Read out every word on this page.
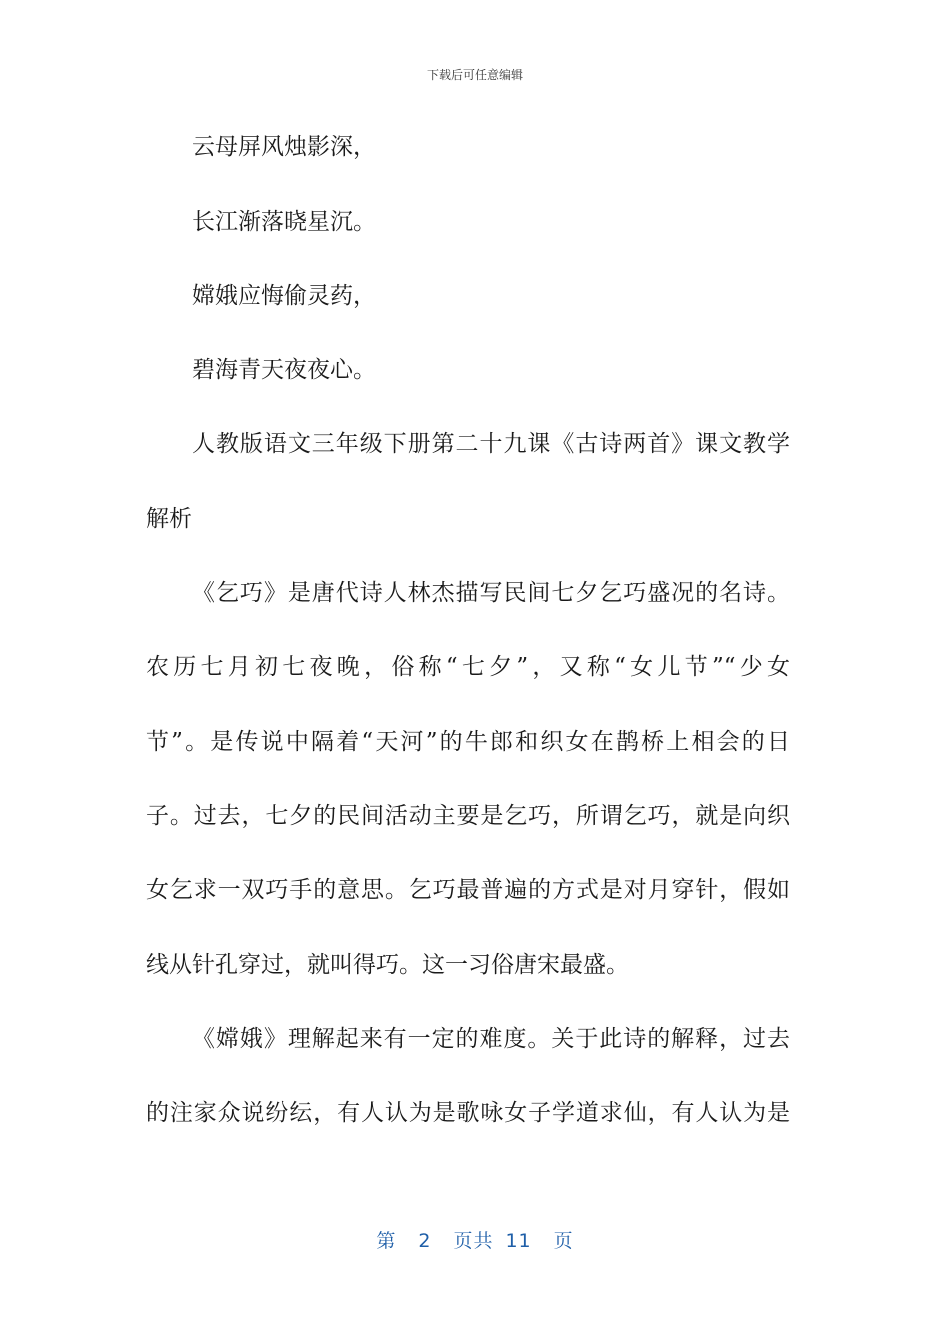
下载后可任意编辑
云母屏风烛影深，
长江渐落晓星沉。
嫦娥应悔偷灵药，
碧海青天夜夜心。
人教版语文三年级下册第二十九课《古诗两首》课文教学
解析
《乞巧》是唐代诗人林杰描写民间七夕乞巧盛况的名诗。
农历七月初七夜晚，俗称“七夕”，又称“女儿节”“少女
节”。是传说中隔着“天河”的牛郎和织女在鹊桥上相会的日
子。过去，七夕的民间活动主要是乞巧，所谓乞巧，就是向织
女乞求一双巧手的意思。乞巧最普遍的方式是对月穿针，假如
线从针孔穿过，就叫得巧。这一习俗唐宋最盛。
《嫦娥》理解起来有一定的难度。关于此诗的解释，过去
的注家众说纷纭，有人认为是歌咏女子学道求仙，有人认为是
第 2 页共 11 页
